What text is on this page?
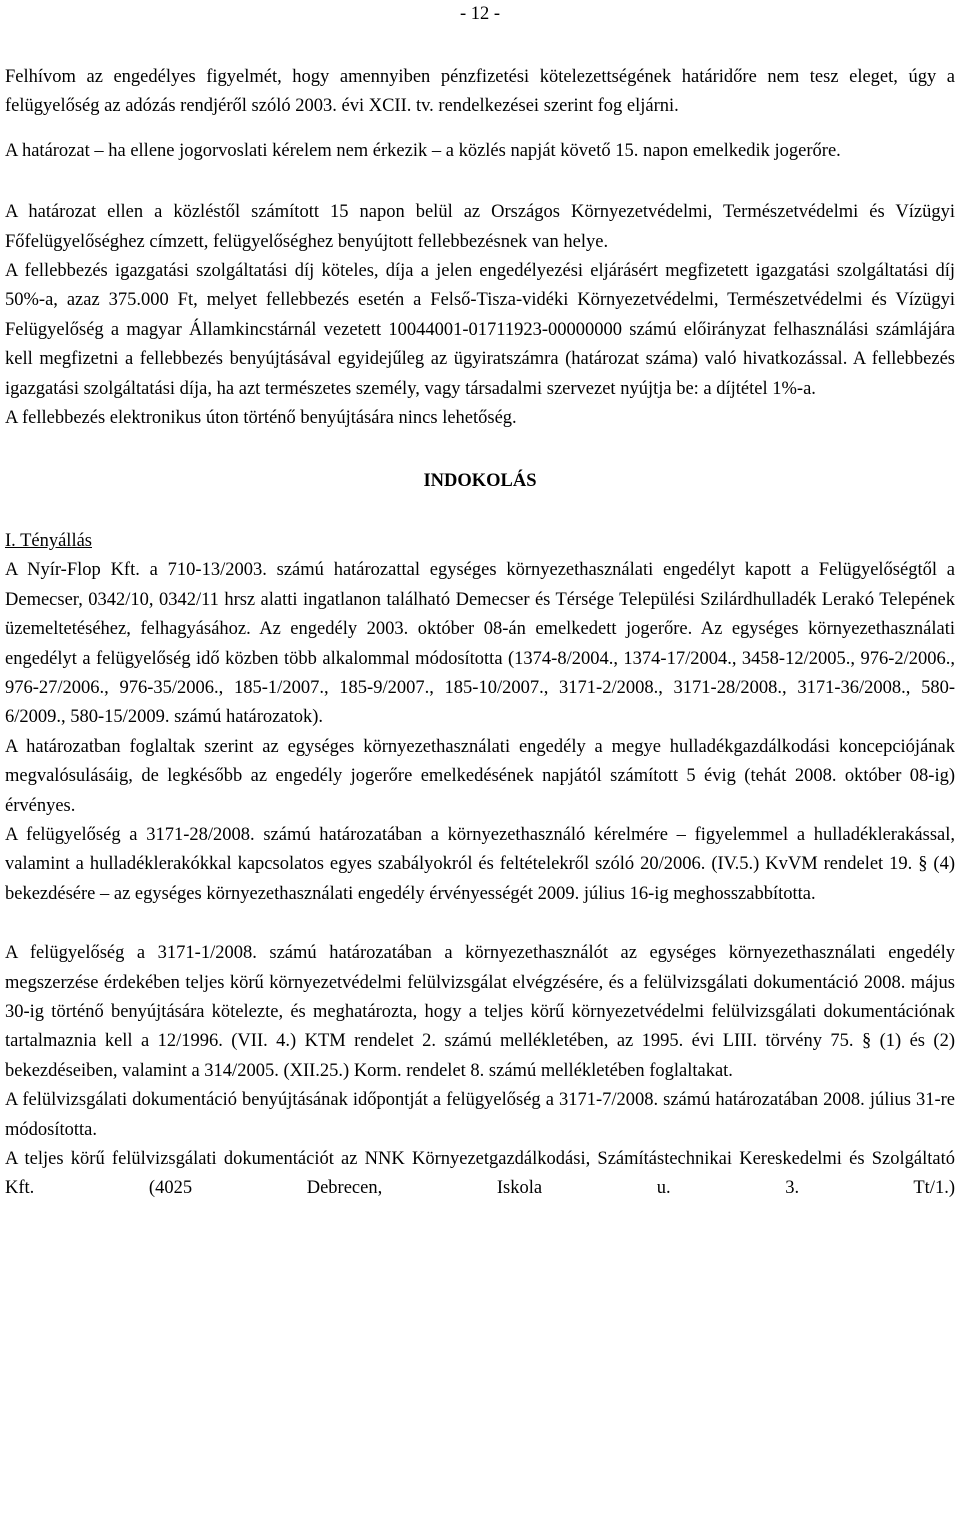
- 12 -

Felhívom az engedélyes figyelmét, hogy amennyiben pénzfizetési kötelezettségének határidőre nem tesz eleget, úgy a felügyelőség az adózás rendjéről szóló 2003. évi XCII. tv. rendelkezései szerint fog eljárni.

A határozat – ha ellene jogorvoslati kérelem nem érkezik – a közlés napját követő 15. napon emelkedik jogerőre.

A határozat ellen a közléstől számított 15 napon belül az Országos Környezetvédelmi, Természetvédelmi és Vízügyi Főfelügyelőséghez címzett, felügyelőséghez benyújtott fellebbezésnek van helye.

A fellebbezés igazgatási szolgáltatási díj köteles, díja a jelen engedélyezési eljárásért megfizetett igazgatási szolgáltatási díj 50%-a, azaz 375.000 Ft, melyet fellebbezés esetén a Felső-Tisza-vidéki Környezetvédelmi, Természetvédelmi és Vízügyi Felügyelőség a magyar Államkincstárnál vezetett 10044001-01711923-00000000 számú előirányzat felhasználási számlájára kell megfizetni a fellebbezés benyújtásával egyidejűleg az ügyiratszámra (határozat száma) való hivatkozással. A fellebbezés igazgatási szolgáltatási díja, ha azt természetes személy, vagy társadalmi szervezet nyújtja be: a díjtétel 1%-a.

A fellebbezés elektronikus úton történő benyújtására nincs lehetőség.

INDOKOLÁS
I. Tényállás

A Nyír-Flop Kft. a 710-13/2003. számú határozattal egységes környezethasználati engedélyt kapott a Felügyelőségtől a Demecser, 0342/10, 0342/11 hrsz alatti ingatlanon található Demecser és Térsége Települési Szilárdhulladék Lerakó Telepének üzemeltetéséhez, felhagyásához. Az engedély 2003. október 08-án emelkedett jogerőre. Az egységes környezethasználati engedélyt a felügyelőség idő közben több alkalommal módosította (1374-8/2004., 1374-17/2004., 3458-12/2005., 976-2/2006., 976-27/2006., 976-35/2006., 185-1/2007., 185-9/2007., 185-10/2007., 3171-2/2008., 3171-28/2008., 3171-36/2008., 580-6/2009., 580-15/2009. számú határozatok).

A határozatban foglaltak szerint az egységes környezethasználati engedély a megye hulladékgazdálkodási koncepciójának megvalósulásáig, de legkésőbb az engedély jogerőre emelkedésének napjától számított 5 évig (tehát 2008. október 08-ig) érvényes.

A felügyelőség a 3171-28/2008. számú határozatában a környezethasználó kérelmére – figyelemmel a hulladéklerakással, valamint a hulladéklerakókkal kapcsolatos egyes szabályokról és feltételekről szóló 20/2006. (IV.5.) KvVM rendelet 19. § (4) bekezdésére – az egységes környezethasználati engedély érvényességét 2009. július 16-ig meghosszabbította.

A felügyelőség a 3171-1/2008. számú határozatában a környezethasználót az egységes környezethasználati engedély megszerzése érdekében teljes körű környezetvédelmi felülvizsgálat elvégzésére, és a felülvizsgálati dokumentáció 2008. május 30-ig történő benyújtására kötelezte, és meghatározta, hogy a teljes körű környezetvédelmi felülvizsgálati dokumentációnak tartalmaznia kell a 12/1996. (VII. 4.) KTM rendelet 2. számú mellékletében, az 1995. évi LIII. törvény 75. § (1) és (2) bekezdéseiben, valamint a 314/2005. (XII.25.) Korm. rendelet 8. számú mellékletében foglaltakat.

A felülvizsgálati dokumentáció benyújtásának időpontját a felügyelőség a 3171-7/2008. számú határozatában 2008. július 31-re módosította.

A teljes körű felülvizsgálati dokumentációt az NNK Környezetgazdálkodási, Számítástechnikai Kereskedelmi és Szolgáltató Kft. (4025 Debrecen, Iskola u. 3. Tt/1.)
